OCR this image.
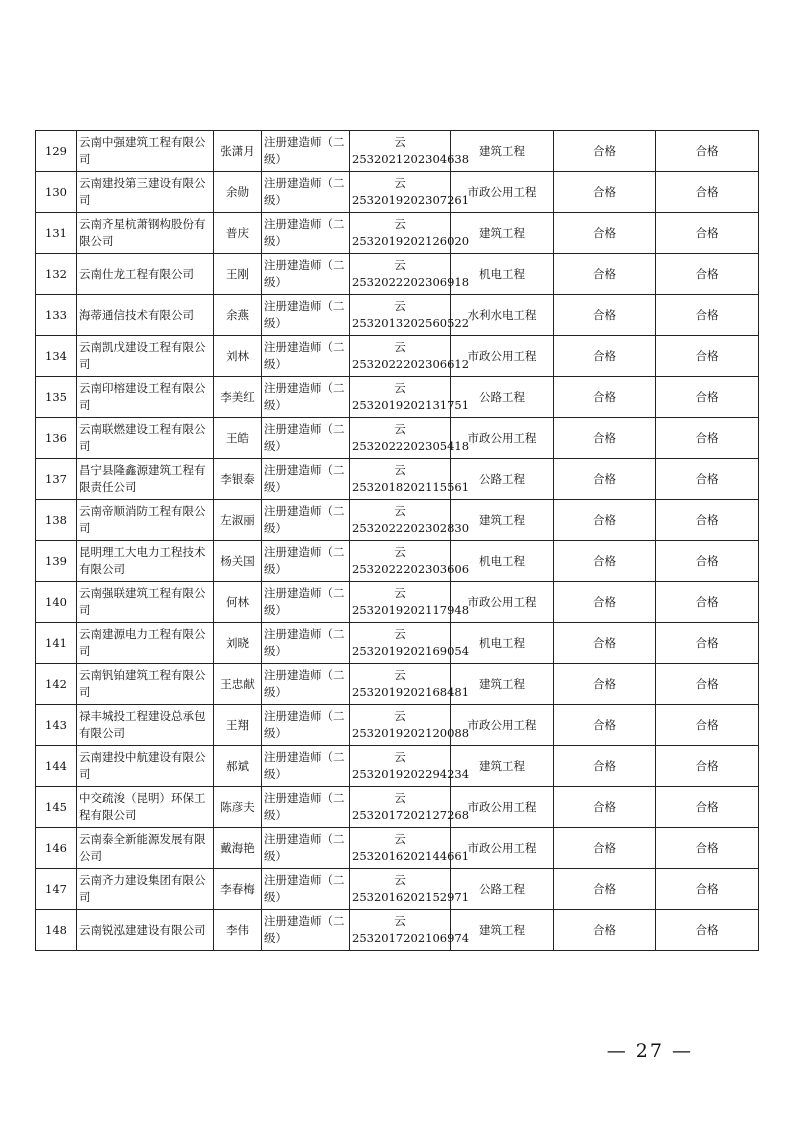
129	云南中强建筑工程有限公司	张潇月	注册建造师（二级）	云2532021202304638	建筑工程	合格	合格
130	云南建投第三建设有限公司	余勋	注册建造师（二级）	云2532019202307261	市政公用工程	合格	合格
131	云南齐星杭萧钢构股份有限公司	普庆	注册建造师（二级）	云2532019202126020	建筑工程	合格	合格
132	云南仕龙工程有限公司	王刚	注册建造师（二级）	云2532022202306918	机电工程	合格	合格
133	海蒂通信技术有限公司	余燕	注册建造师（二级）	云2532013202560522	水利水电工程	合格	合格
134	云南凯戊建设工程有限公司	刘林	注册建造师（二级）	云2532022202306612	市政公用工程	合格	合格
135	云南印榕建设工程有限公司	李美红	注册建造师（二级）	云2532019202131751	公路工程	合格	合格
136	云南联燃建设工程有限公司	王皓	注册建造师（二级）	云2532022202305418	市政公用工程	合格	合格
137	昌宁县隆鑫源建筑工程有限责任公司	李银泰	注册建造师（二级）	云2532018202115561	公路工程	合格	合格
138	云南帝顺消防工程有限公司	左淑丽	注册建造师（二级）	云2532022202302830	建筑工程	合格	合格
139	昆明理工大电力工程技术有限公司	杨关国	注册建造师（二级）	云2532022202303606	机电工程	合格	合格
140	云南强联建筑工程有限公司	何林	注册建造师（二级）	云2532019202117948	市政公用工程	合格	合格
141	云南建源电力工程有限公司	刘晓	注册建造师（二级）	云2532019202169054	机电工程	合格	合格
142	云南钒铂建筑工程有限公司	王忠献	注册建造师（二级）	云2532019202168481	建筑工程	合格	合格
143	禄丰城投工程建设总承包有限公司	王翔	注册建造师（二级）	云2532019202120088	市政公用工程	合格	合格
144	云南建投中航建设有限公司	郝斌	注册建造师（二级）	云2532019202294234	建筑工程	合格	合格
145	中交疏浚（昆明）环保工程有限公司	陈彦夫	注册建造师（二级）	云2532017202127268	市政公用工程	合格	合格
146	云南泰全新能源发展有限公司	戴海艳	注册建造师（二级）	云2532016202144661	市政公用工程	合格	合格
147	云南齐力建设集团有限公司	李春梅	注册建造师（二级）	云2532016202152971	公路工程	合格	合格
148	云南锐泓建建设有限公司	李伟	注册建造师（二级）	云2532017202106974	建筑工程	合格	合格
— 27 —
